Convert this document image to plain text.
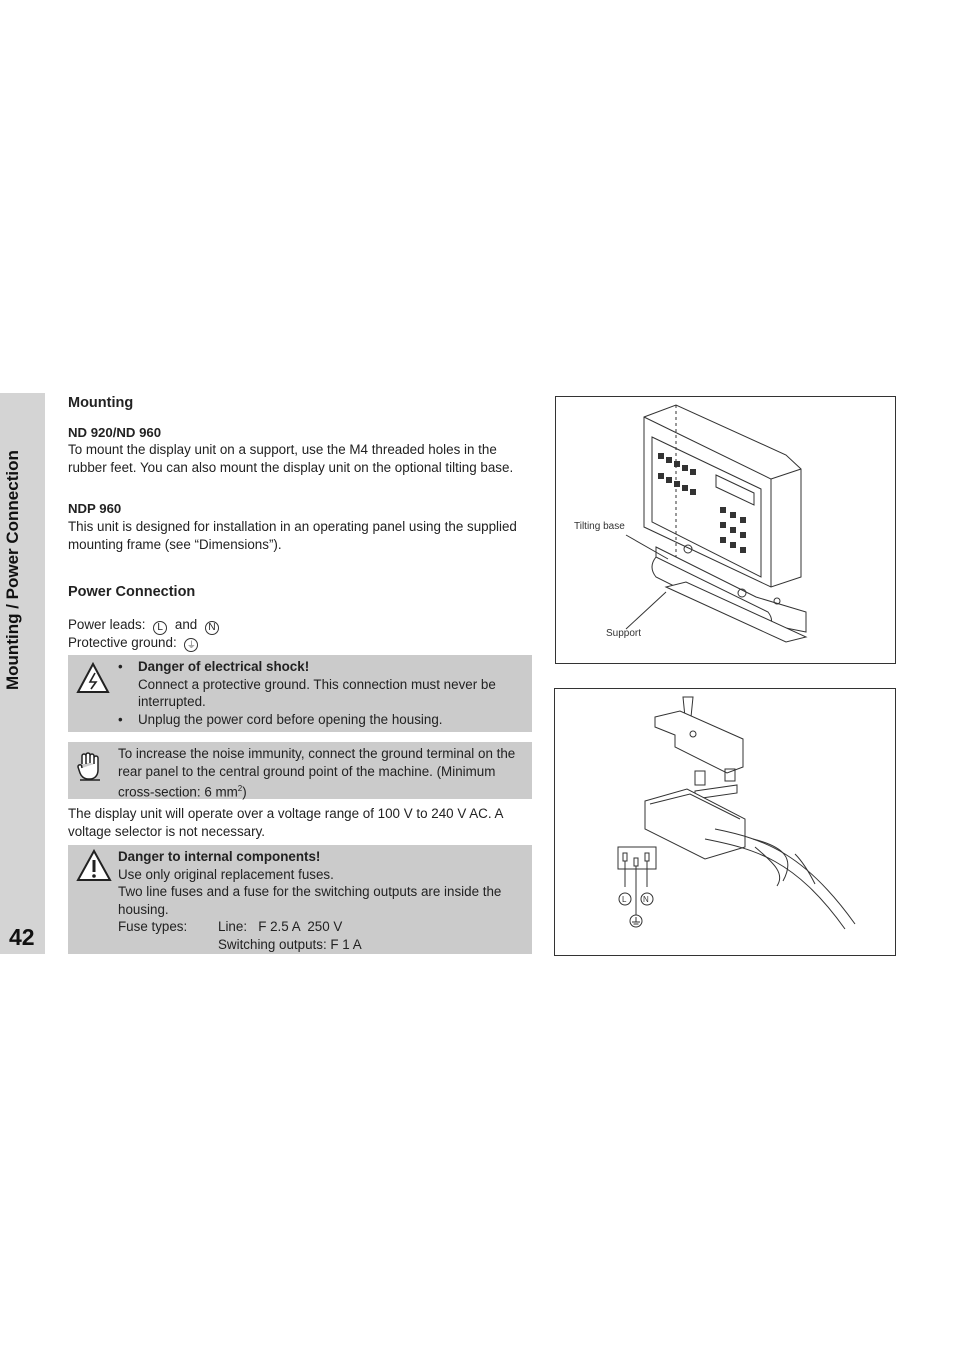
Mounting / Power Connection
42
Mounting
ND 920/ND 960

To mount the display unit on a support, use the M4 threaded holes in the rubber feet. You can also mount the display unit on the optional tilting base.

NDP 960

This unit is designed for installation in an operating panel using the supplied mounting frame (see “Dimensions”).

Power Connection
Power leads: L and N
Protective ground: ⏚
• Danger of electrical shock!
Connect a protective ground. This connection must never be interrupted.
• Unplug the power cord before opening the housing.
To increase the noise immunity, connect the ground terminal on the rear panel to the central ground point of the machine. (Minimum cross-section: 6 $mm^2$)

The display unit will operate over a voltage range of 100 V to 240 V AC. A voltage selector is not necessary.

Danger to internal components!
Use only original replacement fuses.
Two line fuses and a fuse for the switching outputs are inside the housing.
Fuse types: Line:   F 2.5 A  250 V
Switching outputs: F 1 A
Tilting base
Support
L N
